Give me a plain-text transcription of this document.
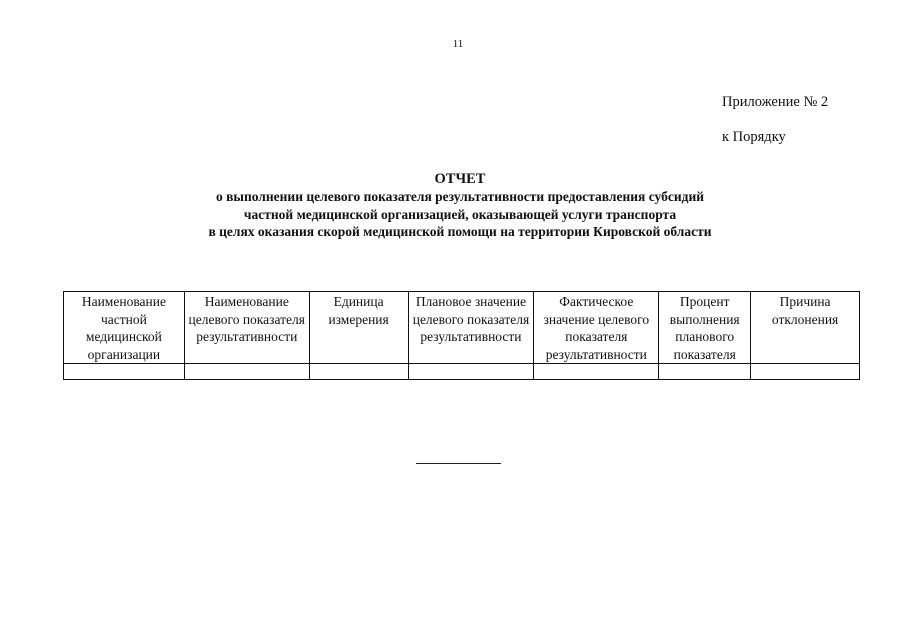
11
Приложение № 2
к Порядку
ОТЧЕТ
о выполнении целевого показателя результативности предоставления субсидий
частной медицинской организацией, оказывающей услуги транспорта
в целях оказания скорой медицинской помощи на территории Кировской области
Наименование частной медицинской организации	Наименование целевого показателя результативности	Единица измерения	Плановое значение целевого показателя результативности	Фактическое значение целевого показателя результативности	Процент выполнения планового показателя	Причина отклонения
